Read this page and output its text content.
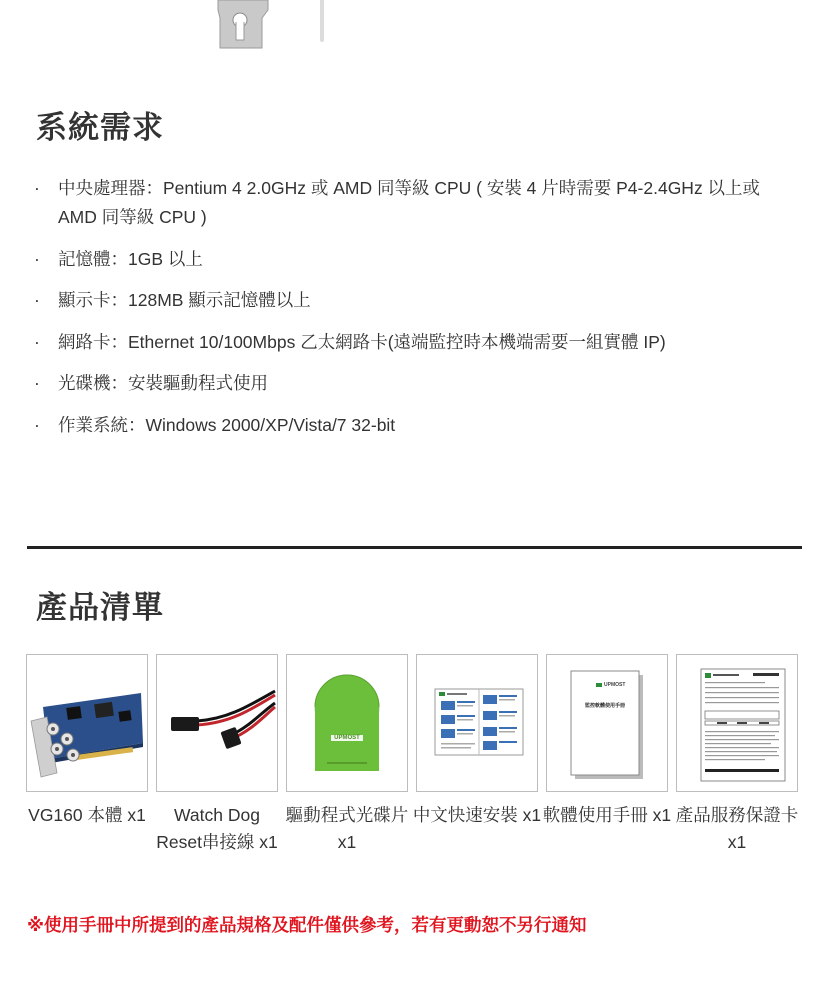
系統需求
· 中央處理器：Pentium 4 2.0GHz 或 AMD 同等級 CPU ( 安裝 4 片時需要 P4-2.4GHz 以上或 AMD 同等級 CPU )
· 記憶體：1GB 以上
· 顯示卡：128MB 顯示記憶體以上
· 網路卡：Ethernet 10/100Mbps 乙太網路卡(遠端監控時本機端需要一組實體 IP)
· 光碟機：安裝驅動程式使用
· 作業系統：Windows 2000/XP/Vista/7 32-bit
產品清單
VG160 本體 x1	Watch Dog Reset串接線 x1
UPMOST
驅動程式光碟片 x1
中文快速安裝 x1
UPMOST
監控軟體使用手冊
軟體使用手冊 x1 產品服務保證卡 x1
※使用手冊中所提到的產品規格及配件僅供參考，若有更動恕不另行通知
